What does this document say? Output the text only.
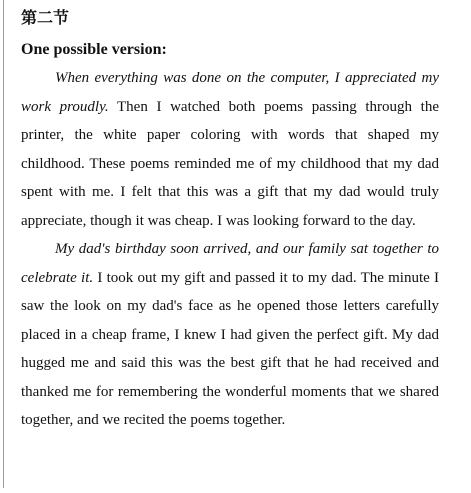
第二节
One possible version:

When everything was done on the computer, I appreciated my work proudly. Then I watched both poems passing through the printer, the white paper coloring with words that shaped my childhood. These poems reminded me of my childhood that my dad spent with me. I felt that this was a gift that my dad would truly appreciate, though it was cheap. I was looking forward to the day.

My dad's birthday soon arrived, and our family sat together to celebrate it. I took out my gift and passed it to my dad. The minute I saw the look on my dad's face as he opened those letters carefully placed in a cheap frame, I knew I had given the perfect gift. My dad hugged me and said this was the best gift that he had received and thanked me for remembering the wonderful moments that we shared together, and we recited the poems together.
